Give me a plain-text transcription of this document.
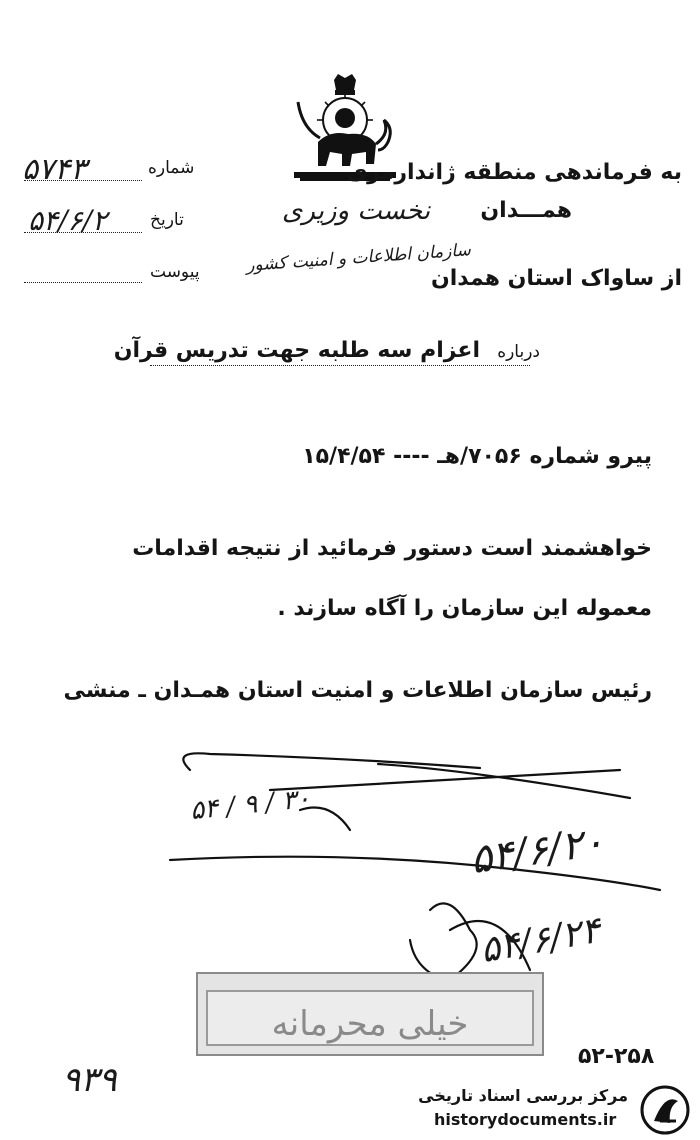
به فرماندهی منطقه ژاندارمری
همـــدان
نخست وزیری
از ساواک استان همدان
سازمان اطلاعات و امنیت کشور
شماره
۵۷۴۳
تاریخ
۵۴/۶/۲
پیوست
درباره
اعزام سه طلبه جهت تدریس قرآن
پیرو شماره ۷۰۵۶/هـ ---- ۱۵/۴/۵۴
خواهشمند است دستور فرمائید از نتیجه اقدامات
معموله این سازمان را آگاه سازند .
رئیس سازمان اطلاعات و امنیت استان همـدان ـ منشی
۳۰ / ۹ / ۵۴
۵۴/۶/۲۰
۵۴/۶/۲۴
خیلی محرمانه
۹۳۹
۵۲-۲۵۸
مرکز بررسی اسناد تاریخی
historydocuments.ir
